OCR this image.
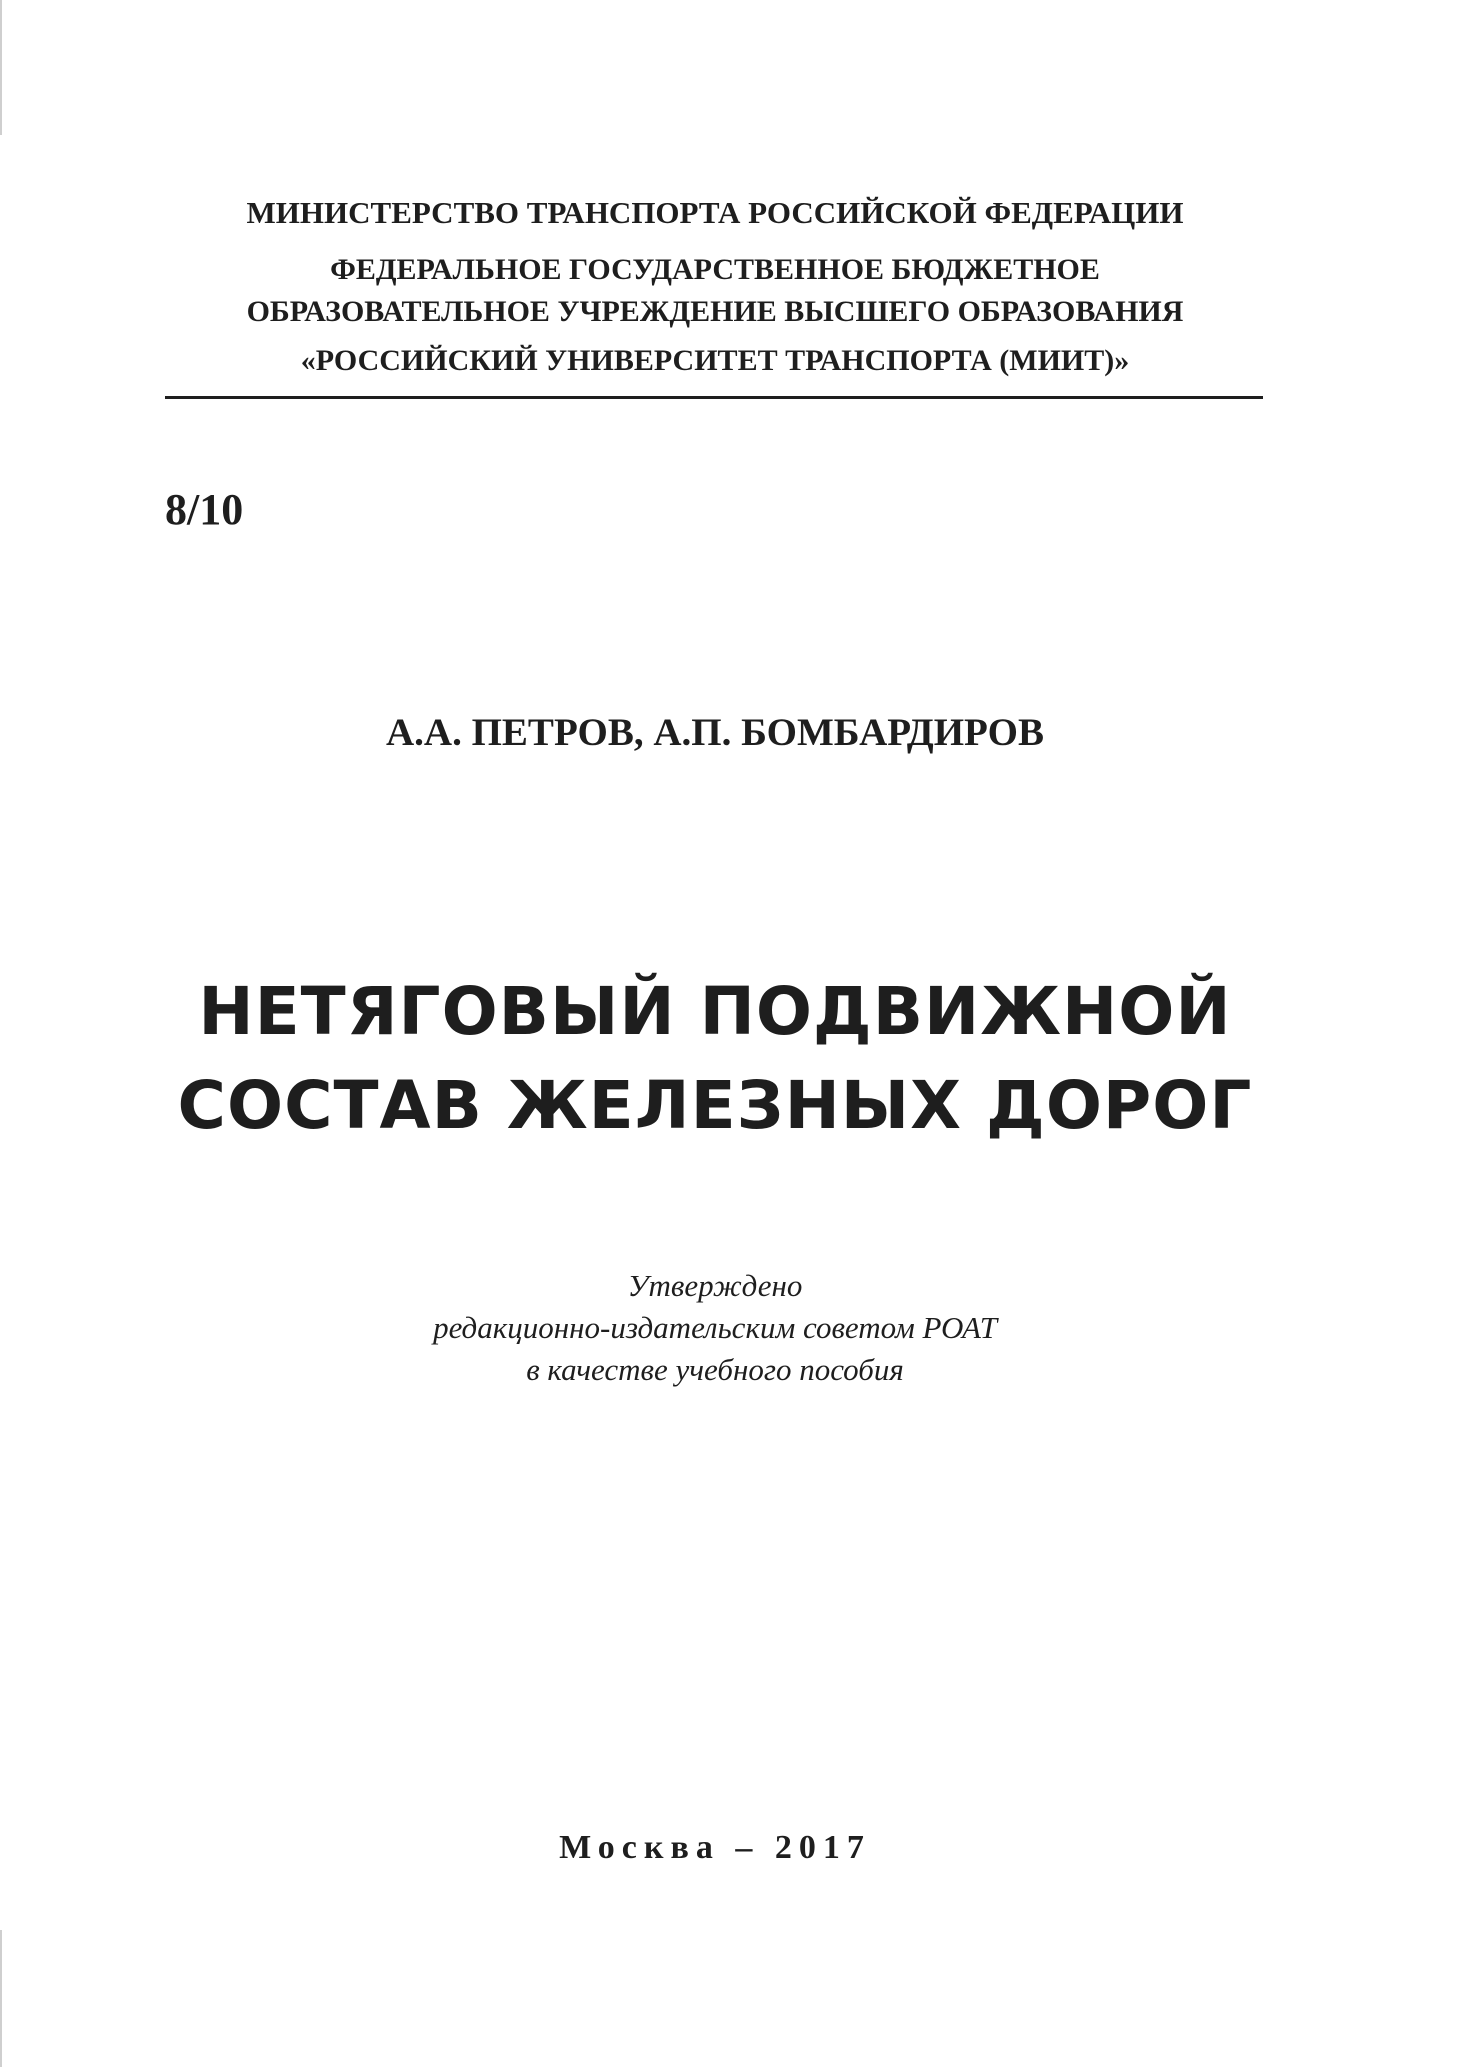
МИНИСТЕРСТВО ТРАНСПОРТА РОССИЙСКОЙ ФЕДЕРАЦИИ
ФЕДЕРАЛЬНОЕ ГОСУДАРСТВЕННОЕ БЮДЖЕТНОЕ
ОБРАЗОВАТЕЛЬНОЕ УЧРЕЖДЕНИЕ ВЫСШЕГО ОБРАЗОВАНИЯ
«РОССИЙСКИЙ УНИВЕРСИТЕТ ТРАНСПОРТА (МИИТ)»
8/10
А.А. ПЕТРОВ, А.П. БОМБАРДИРОВ
НЕТЯГОВЫЙ ПОДВИЖНОЙ
СОСТАВ ЖЕЛЕЗНЫХ ДОРОГ
Утверждено
редакционно-издательским советом РОАТ
в качестве учебного пособия
Москва – 2017
